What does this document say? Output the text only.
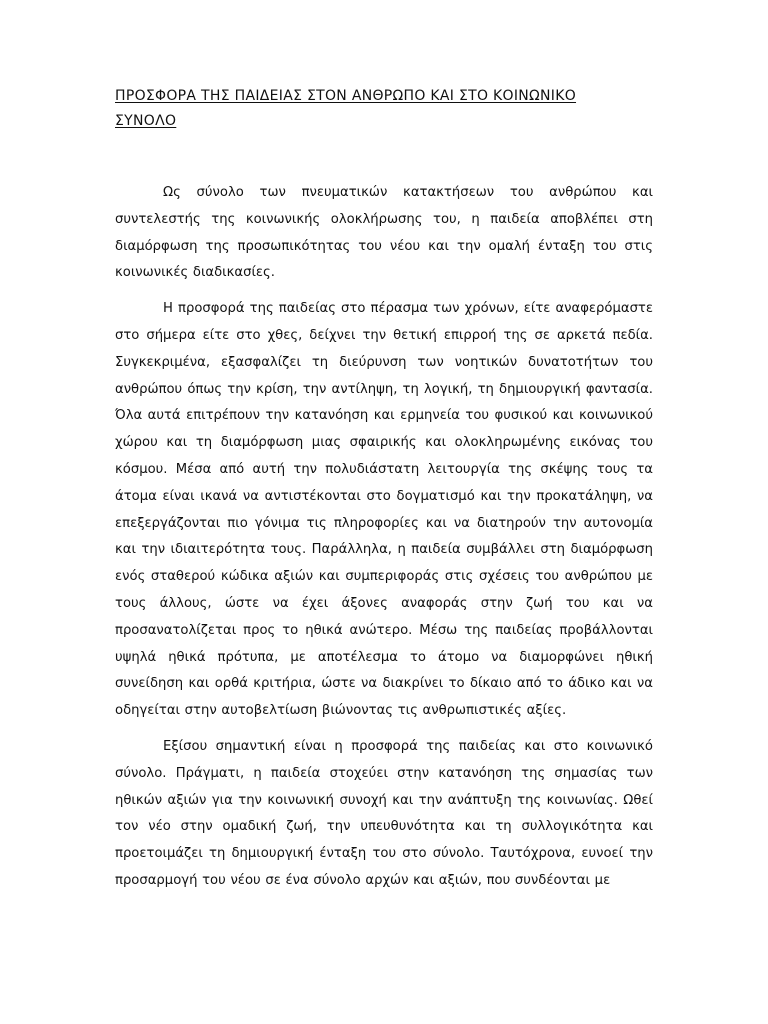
ΠΡΟΣΦΟΡΑ ΤΗΣ ΠΑΙΔΕΙΑΣ ΣΤΟΝ ΑΝΘΡΩΠΟ ΚΑΙ ΣΤΟ ΚΟΙΝΩΝΙΚΟ
ΣΥΝΟΛΟ

Ως σύνολο των πνευματικών κατακτήσεων του ανθρώπου και συντελεστής της κοινωνικής ολοκλήρωσης του, η παιδεία αποβλέπει στη διαμόρφωση της προσωπικότητας του νέου και την ομαλή ένταξη του στις κοινωνικές διαδικασίες.

Η προσφορά της παιδείας στο πέρασμα των χρόνων, είτε αναφερόμαστε στο σήμερα είτε στο χθες, δείχνει την θετική επιρροή της σε αρκετά πεδία. Συγκεκριμένα, εξασφαλίζει τη διεύρυνση των νοητικών δυνατοτήτων του ανθρώπου όπως την κρίση, την αντίληψη, τη λογική, τη δημιουργική φαντασία. Όλα αυτά επιτρέπουν την κατανόηση και ερμηνεία του φυσικού και κοινωνικού χώρου και τη διαμόρφωση μιας σφαιρικής και ολοκληρωμένης εικόνας του κόσμου. Μέσα από αυτή την πολυδιάστατη λειτουργία της σκέψης τους τα άτομα είναι ικανά να αντιστέκονται στο δογματισμό και την προκατάληψη, να επεξεργάζονται πιο γόνιμα τις πληροφορίες και να διατηρούν την αυτονομία και την ιδιαιτερότητα τους. Παράλληλα, η παιδεία συμβάλλει στη διαμόρφωση ενός σταθερού κώδικα αξιών και συμπεριφοράς στις σχέσεις του ανθρώπου με τους άλλους, ώστε να έχει άξονες αναφοράς στην ζωή του και να προσανατολίζεται προς το ηθικά ανώτερο. Μέσω της παιδείας προβάλλονται υψηλά ηθικά πρότυπα, με αποτέλεσμα το άτομο να διαμορφώνει ηθική συνείδηση και ορθά κριτήρια, ώστε να διακρίνει το δίκαιο από το άδικο και να οδηγείται στην αυτοβελτίωση βιώνοντας τις ανθρωπιστικές αξίες.

Εξίσου σημαντική είναι η προσφορά της παιδείας και στο κοινωνικό σύνολο. Πράγματι, η παιδεία στοχεύει στην κατανόηση της σημασίας των ηθικών αξιών για την κοινωνική συνοχή και την ανάπτυξη της κοινωνίας. Ωθεί τον νέο στην ομαδική ζωή, την υπευθυνότητα και τη συλλογικότητα και προετοιμάζει τη δημιουργική ένταξη του στο σύνολο. Ταυτόχρονα, ευνοεί την προσαρμογή του νέου σε ένα σύνολο αρχών και αξιών, που συνδέονται με
